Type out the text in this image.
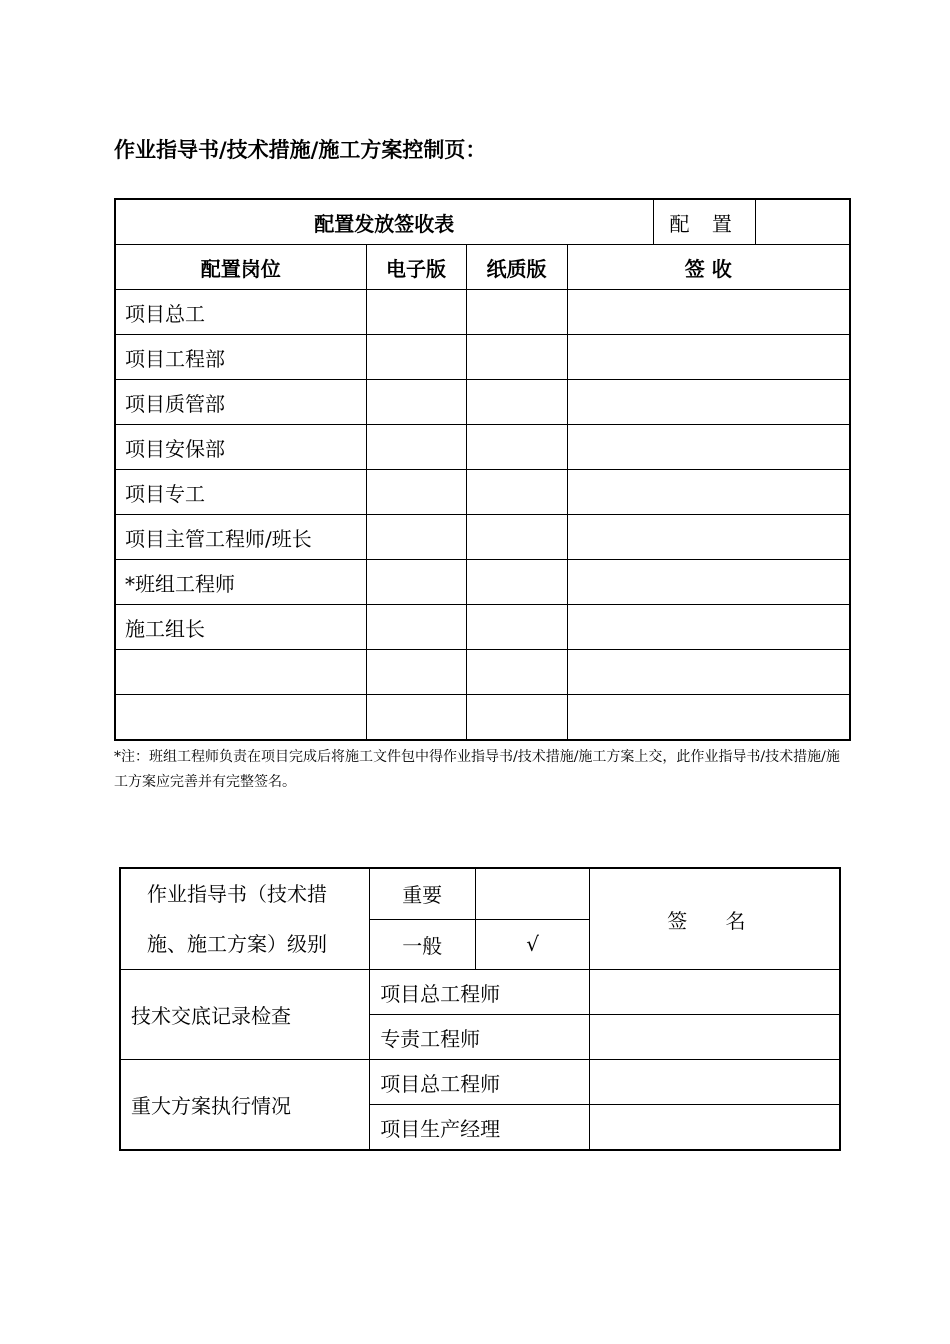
作业指导书/技术措施/施工方案控制页：
配置发放签收表				配 置

配置岗位	电子版	纸质版	签 收	
项目总工				
项目工程部				
项目质管部				
项目安保部				
项目专工				
项目主管工程师/班长				
*班组工程师				
施工组长				

*注：班组工程师负责在项目完成后将施工文件包中得作业指导书/技术措施/施工方案上交，此作业指导书/技术措施/施工方案应完善并有完整签名。
作业指导书（技术措施、施工方案）级别	重要		签 名
	一般	√	
技术交底记录检查	项目总工程师		
	专责工程师		
重大方案执行情况	项目总工程师		
	项目生产经理		
